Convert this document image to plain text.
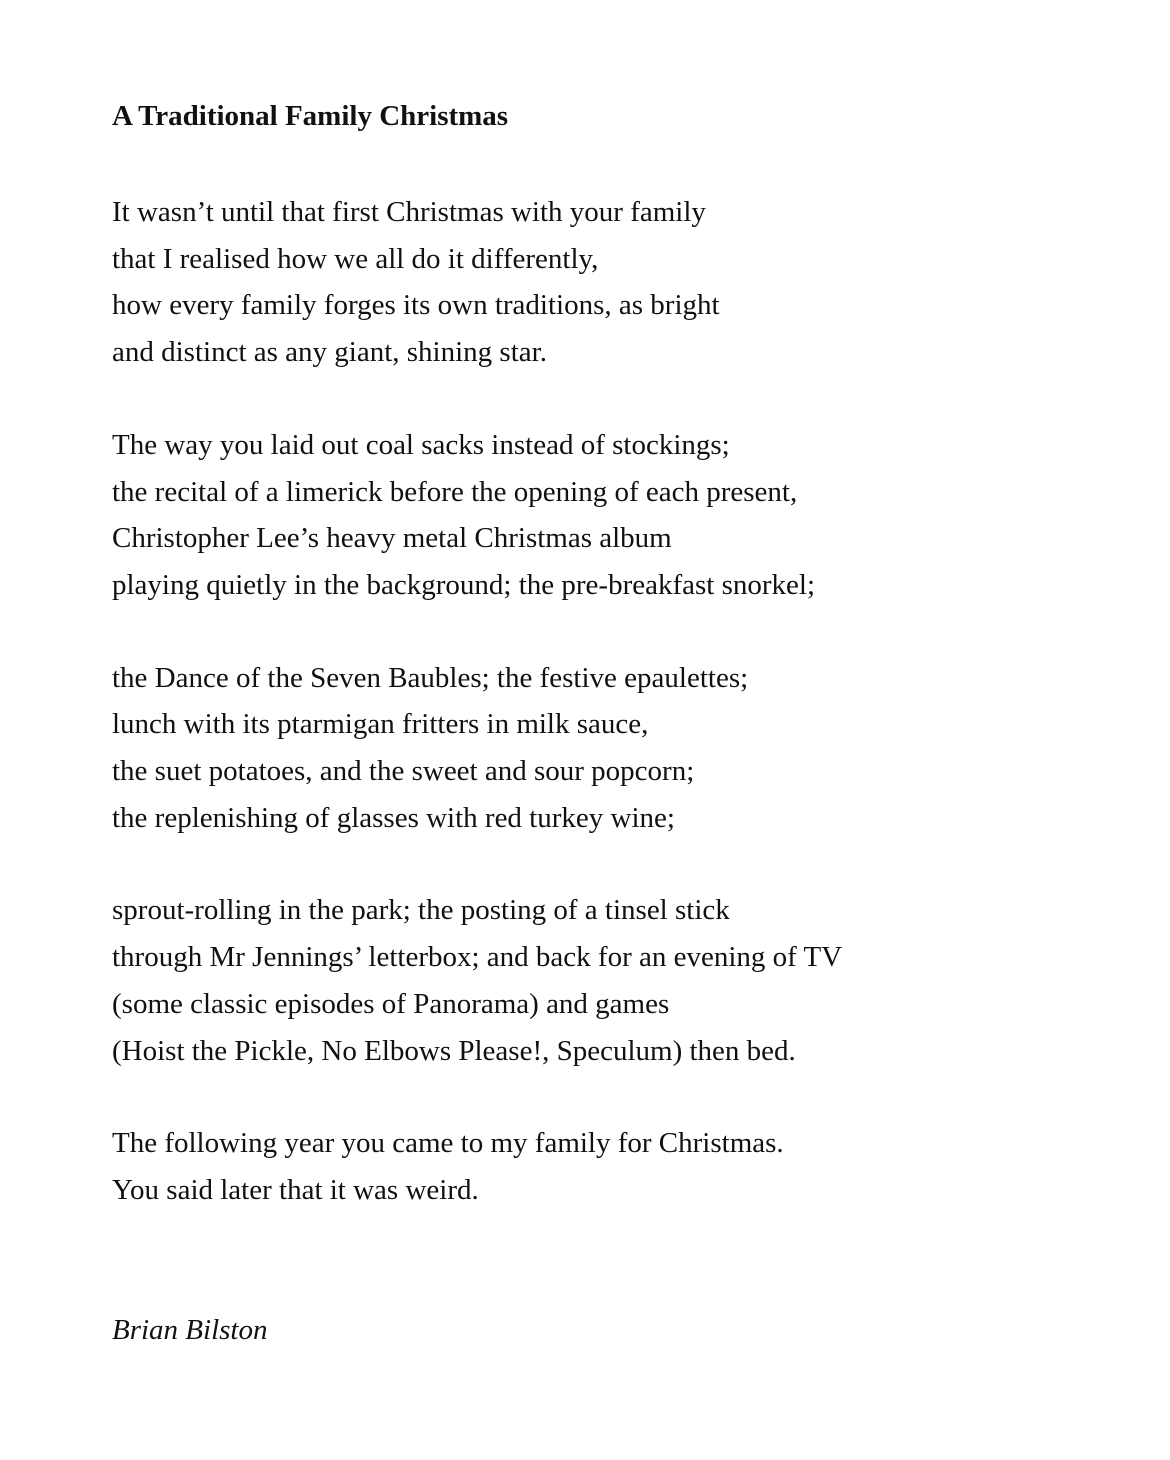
A Traditional Family Christmas
It wasn’t until that first Christmas with your family
that I realised how we all do it differently,
how every family forges its own traditions, as bright
and distinct as any giant, shining star.
The way you laid out coal sacks instead of stockings;
the recital of a limerick before the opening of each present,
Christopher Lee’s heavy metal Christmas album
playing quietly in the background; the pre-breakfast snorkel;
the Dance of the Seven Baubles; the festive epaulettes;
lunch with its ptarmigan fritters in milk sauce,
the suet potatoes, and the sweet and sour popcorn;
the replenishing of glasses with red turkey wine;
sprout-rolling in the park; the posting of a tinsel stick
through Mr Jennings’ letterbox; and back for an evening of TV
(some classic episodes of Panorama) and games
(Hoist the Pickle, No Elbows Please!, Speculum) then bed.
The following year you came to my family for Christmas.
You said later that it was weird.
Brian Bilston
